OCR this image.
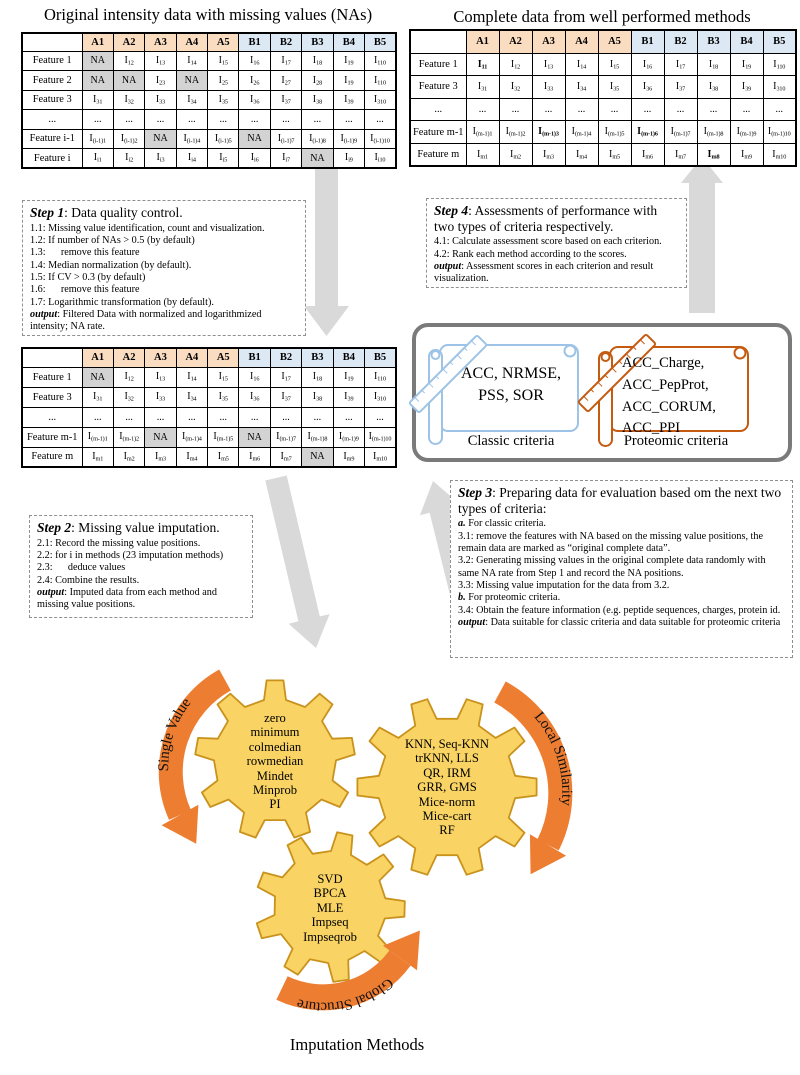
Single Value
Local Similarity
Global Structure
Original intensity data with missing values (NAs)	Complete data from well performed methods
	A1	A2	A3	A4	A5	B1	B2	B3	B4	B5
Feature 1	NA	$I_{12}$	$I_{13}$	$I_{14}$	$I_{15}$	$I_{16}$	$I_{17}$	$I_{18}$	$I_{19}$	$I_{110}$
Feature 2	NA	NA	$I_{23}$	NA	$I_{25}$	$I_{26}$	$I_{27}$	$I_{28}$	$I_{19}$	$I_{110}$
Feature 3	$I_{31}$	$I_{32}$	$I_{33}$	$I_{34}$	$I_{35}$	$I_{36}$	$I_{37}$	$I_{38}$	$I_{39}$	$I_{310}$
...	...	...	...	...	...	...	...	...	...	...
Feature i-1	$I_{(i-1)1}$	$I_{(i-1)2}$	NA	$I_{(i-1)4}$	$I_{(i-1)5}$	NA	$I_{(i-1)7}$	$I_{(i-1)8}$	$I_{(i-1)9}$	$I_{(i-1)10}$
Feature i	$I_{i1}$	$I_{i2}$	$I_{i3}$	$I_{i4}$	$I_{i5}$	$I_{i6}$	$I_{i7}$	NA	$I_{i9}$	$I_{i10}$
	A1	A2	A3	A4	A5	B1	B2	B3	B4	B5
Feature 1	$I_{11}$	$I_{12}$	$I_{13}$	$I_{14}$	$I_{15}$	$I_{16}$	$I_{17}$	$I_{18}$	$I_{19}$	$I_{110}$
Feature 3	$I_{31}$	$I_{32}$	$I_{33}$	$I_{34}$	$I_{35}$	$I_{36}$	$I_{37}$	$I_{38}$	$I_{39}$	$I_{310}$
...	...	...	...	...	...	...	...	...	...	...
Feature m-1	$I_{(m-1)1}$	$I_{(m-1)2}$	$I_{(m-1)3}$	$I_{(m-1)4}$	$I_{(m-1)5}$	$I_{(m-1)6}$	$I_{(m-1)7}$	$I_{(m-1)8}$	$I_{(m-1)9}$	$I_{(m-1)10}$
Feature m	$I_{m1}$	$I_{m2}$	$I_{m3}$	$I_{m4}$	$I_{m5}$	$I_{m6}$	$I_{m7}$	$I_{m8}$	$I_{m9}$	$I_{m10}$
	A1	A2	A3	A4	A5	B1	B2	B3	B4	B5
Feature 1	NA	$I_{12}$	$I_{13}$	$I_{14}$	$I_{15}$	$I_{16}$	$I_{17}$	$I_{18}$	$I_{19}$	$I_{110}$
Feature 3	$I_{31}$	$I_{32}$	$I_{33}$	$I_{34}$	$I_{35}$	$I_{36}$	$I_{37}$	$I_{38}$	$I_{39}$	$I_{310}$
...	...	...	...	...	...	...	...	...	...	...
Feature m-1	$I_{(m-1)1}$	$I_{(m-1)2}$	NA	$I_{(m-1)4}$	$I_{(m-1)5}$	NA	$I_{(m-1)7}$	$I_{(m-1)8}$	$I_{(m-1)9}$	$I_{(m-1)10}$
Feature m	$I_{m1}$	$I_{m2}$	$I_{m3}$	$I_{m4}$	$I_{m5}$	$I_{m6}$	$I_{m7}$	NA	$I_{m9}$	$I_{m10}$
Step 1: Data quality control.
1.1: Missing value identification, count and visualization.
1.2: If number of NAs > 0.5 (by default)
1.3:      remove this feature
1.4: Median normalization (by default).
1.5: If CV > 0.3 (by default)
1.6:      remove this feature
1.7: Logarithmic transformation (by default).
output: Filtered Data with normalized and logarithmized intensity; NA rate.
Step 2: Missing value imputation.
2.1: Record the missing value positions.
2.2: for i in methods (23 imputation methods)
2.3:      deduce values
2.4: Combine the results.
output: Imputed data from each method and missing value positions.
Step 3: Preparing data for evaluation based om the next two types of criteria:
a. For classic criteria.
3.1: remove the features with NA based on the missing value positions, the remain data are marked as “original complete data”.
3.2: Generating missing values in the original complete data randomly with same NA rate from Step 1 and record the NA positions.
3.3: Missing value imputation for the data from 3.2.
b. For proteomic criteria.
3.4: Obtain the feature information (e.g. peptide sequences, charges, protein id.
output: Data suitable for classic criteria and data suitable for proteomic criteria
Step 4: Assessments of performance with two types of criteria respectively.
4.1: Calculate assessment score based on each criterion.
4.2: Rank each method according to the scores.
output: Assessment scores in each criterion and result visualization.
ACC, NRMSE,
PSS, SOR
ACC_Charge,
ACC_PepProt,
ACC_CORUM,
ACC_PPI
Classic criteria	Proteomic criteria
zero
minimum
colmedian
rowmedian
Mindet
Minprob
PI
KNN, Seq-KNN
trKNN, LLS
QR, IRM
GRR, GMS
Mice-norm
Mice-cart
RF
SVD
BPCA
MLE
Impseq
Impseqrob
Imputation Methods
